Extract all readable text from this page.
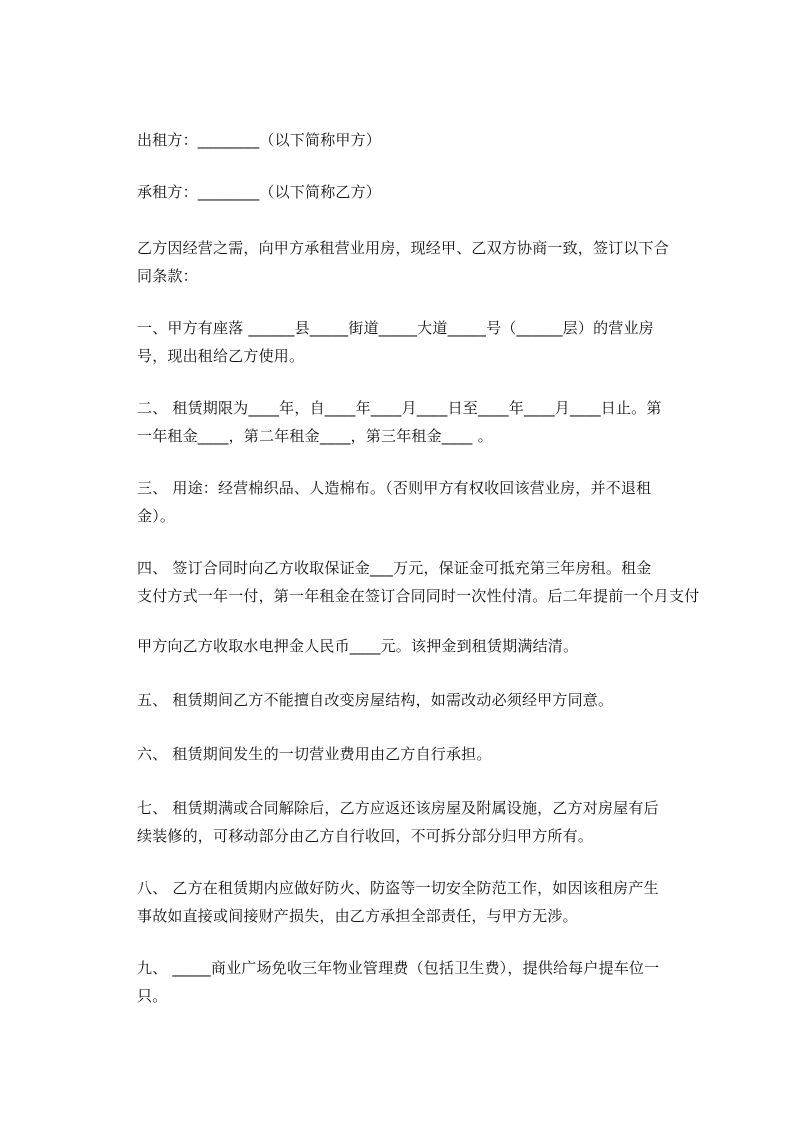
出租方：________（以下简称甲方）
承租方：________（以下简称乙方）
乙方因经营之需，向甲方承租营业用房，现经甲、乙双方协商一致，签订以下合
同条款：
一、甲方有座落 ______县_____街道_____大道_____号（______层）的营业房
号，现出租给乙方使用。
二、 租赁期限为____年，自____年____月____日至____年____月____日止。第
一年租金____，第二年租金____，第三年租金____ 。
三、 用途：经营棉织品、人造棉布。（否则甲方有权收回该营业房，并不退租
金）。
四、 签订合同时向乙方收取保证金___万元，保证金可抵充第三年房租。租金
支付方式一年一付，第一年租金在签订合同同时一次性付清。后二年提前一个月支付
甲方向乙方收取水电押金人民币____元。该押金到租赁期满结清。
五、 租赁期间乙方不能擅自改变房屋结构，如需改动必须经甲方同意。
六、 租赁期间发生的一切营业费用由乙方自行承担。
七、 租赁期满或合同解除后，乙方应返还该房屋及附属设施，乙方对房屋有后
续装修的，可移动部分由乙方自行收回，不可拆分部分归甲方所有。
八、 乙方在租赁期内应做好防火、防盗等一切安全防范工作，如因该租房产生
事故如直接或间接财产损失，由乙方承担全部责任，与甲方无涉。
九、 _____商业广场免收三年物业管理费（包括卫生费），提供给每户提车位一
只。
